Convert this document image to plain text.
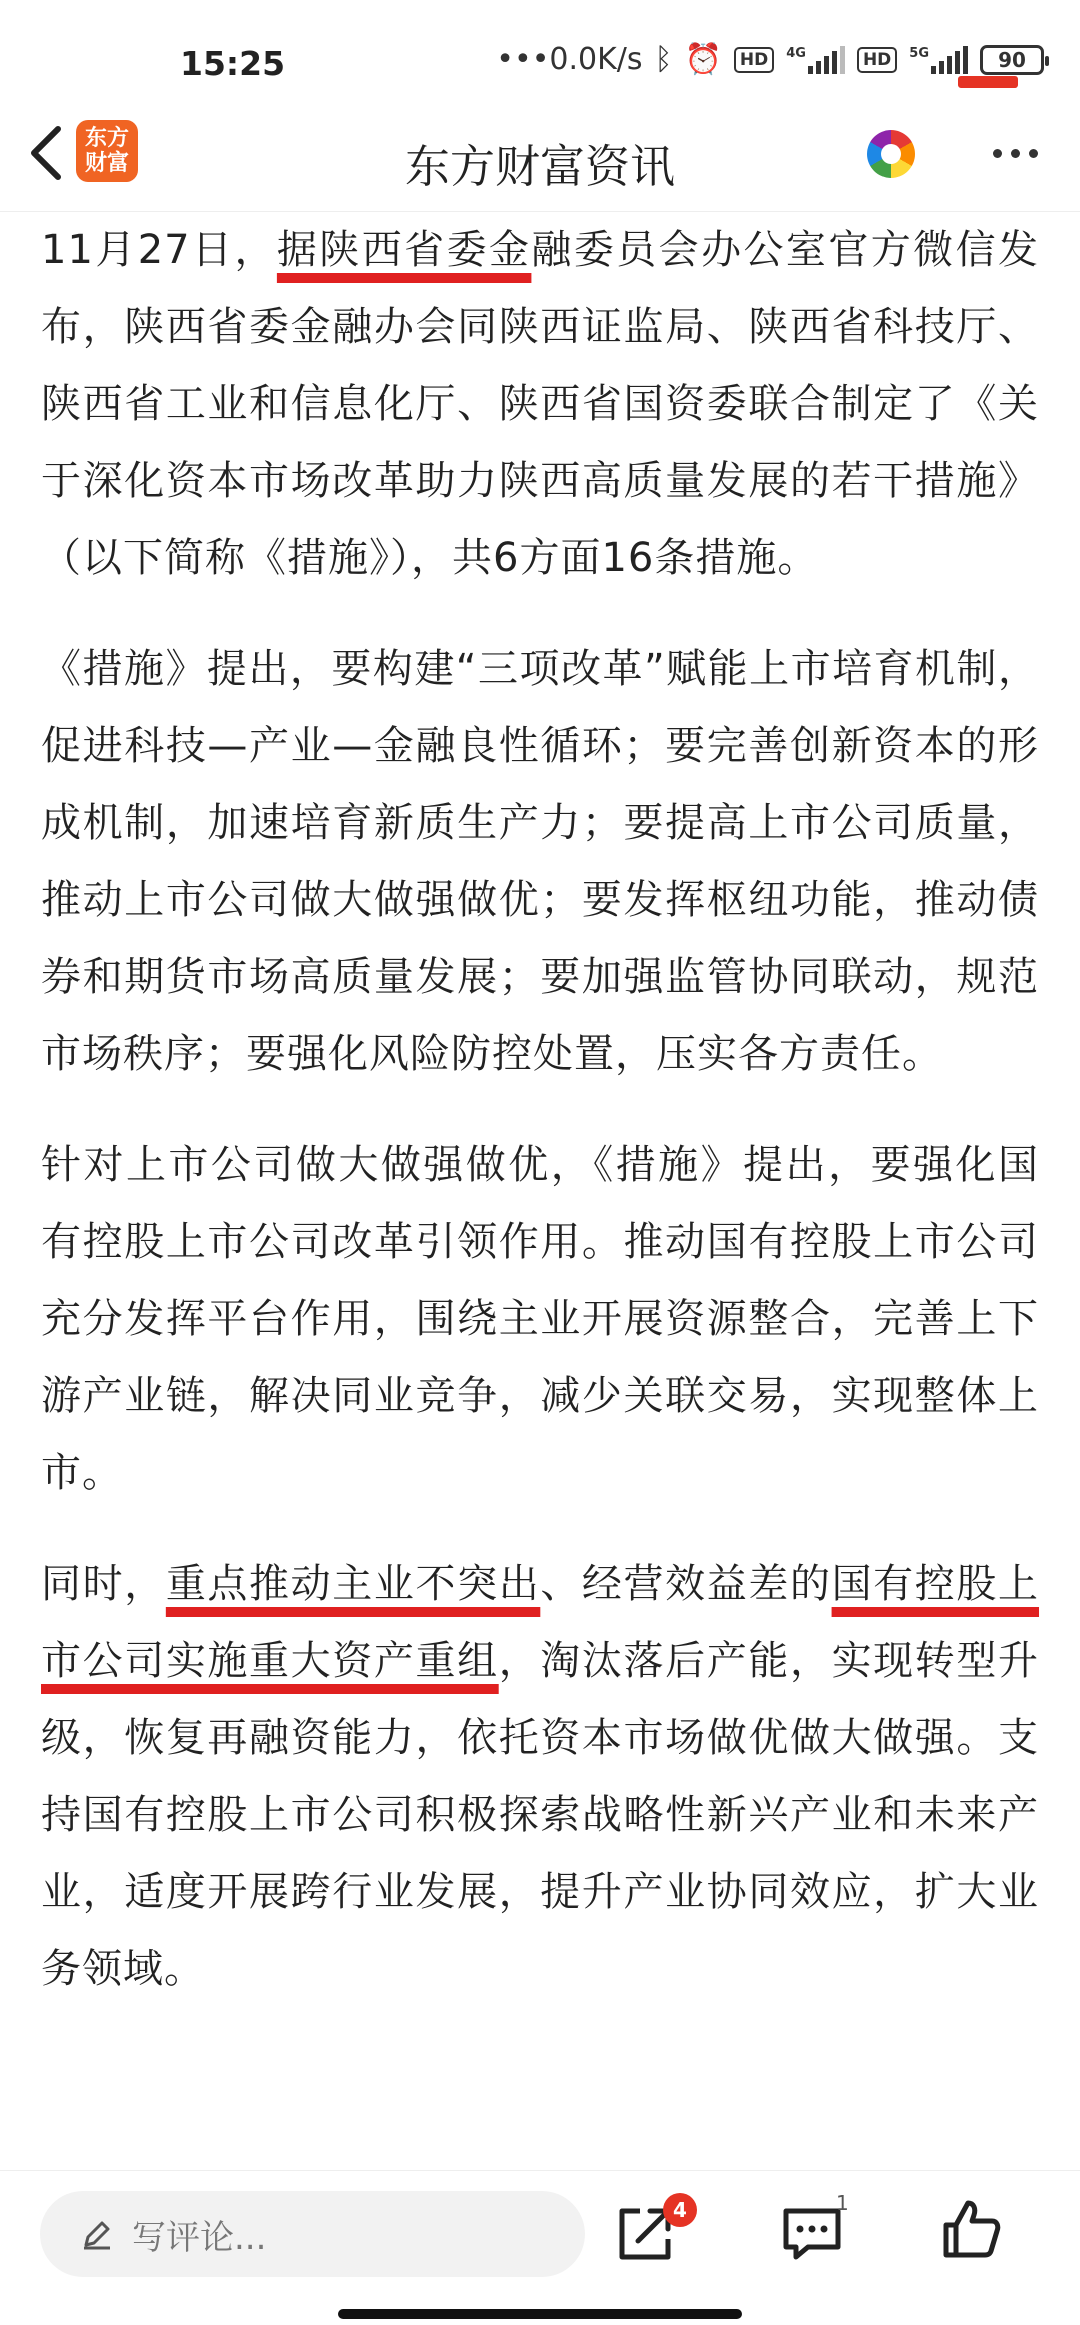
15:25	•••0.0K/s ᛒ ⏰	HD	4G	HD	5G	90
东方财富资讯
东方
财富

11月27日，据陕西省委金融委员会办公室官方微信发布，陕西省委金融办会同陕西证监局、陕西省科技厅、陕西省工业和信息化厅、陕西省国资委联合制定了《关于深化资本市场改革助力陕西高质量发展的若干措施》（以下简称《措施》），共6方面16条措施。

《措施》提出，要构建“三项改革”赋能上市培育机制，促进科技—产业—金融良性循环；要完善创新资本的形成机制，加速培育新质生产力；要提高上市公司质量，推动上市公司做大做强做优；要发挥枢纽功能，推动债券和期货市场高质量发展；要加强监管协同联动，规范市场秩序；要强化风险防控处置，压实各方责任。

针对上市公司做大做强做优，《措施》提出，要强化国有控股上市公司改革引领作用。推动国有控股上市公司充分发挥平台作用，围绕主业开展资源整合，完善上下游产业链，解决同业竞争，减少关联交易，实现整体上市。

同时，重点推动主业不突出、经营效益差的国有控股上市公司实施重大资产重组，淘汰落后产能，实现转型升级，恢复再融资能力，依托资本市场做优做大做强。支持国有控股上市公司积极探索战略性新兴产业和未来产业，适度开展跨行业发展，提升产业协同效应，扩大业务领域。

写评论...
4	1
